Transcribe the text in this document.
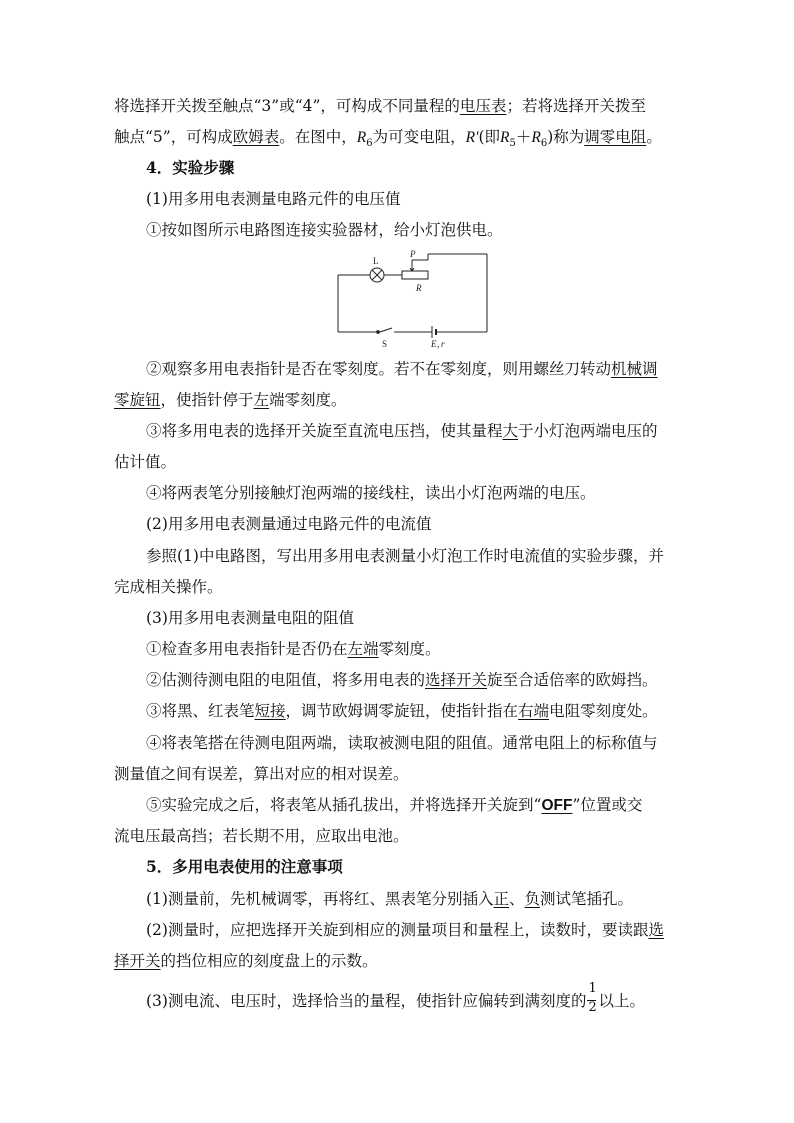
将选择开关拨至触点“3”或“4”，可构成不同量程的电压表；若将选择开关拨至
触点“5”，可构成欧姆表。在图中，$R_6$为可变电阻，R′(即$R_5+R_6$)称为调零电阻。
4．实验步骤
(1)用多用电表测量电路元件的电压值
①按如图所示电路图连接实验器材，给小灯泡供电。
L
P
R
S	E , r
②观察多用电表指针是否在零刻度。若不在零刻度，则用螺丝刀转动机械调
零旋钮，使指针停于左端零刻度。
③将多用电表的选择开关旋至直流电压挡，使其量程大于小灯泡两端电压的
估计值。
④将两表笔分别接触灯泡两端的接线柱，读出小灯泡两端的电压。
(2)用多用电表测量通过电路元件的电流值
参照(1)中电路图，写出用多用电表测量小灯泡工作时电流值的实验步骤，并
完成相关操作。
(3)用多用电表测量电阻的阻值
①检查多用电表指针是否仍在左端零刻度。
②估测待测电阻的电阻值，将多用电表的选择开关旋至合适倍率的欧姆挡。
③将黑、红表笔短接，调节欧姆调零旋钮，使指针指在右端电阻零刻度处。
④将表笔搭在待测电阻两端，读取被测电阻的阻值。通常电阻上的标称值与
测量值之间有误差，算出对应的相对误差。
⑤实验完成之后，将表笔从插孔拔出，并将选择开关旋到“OFF”位置或交
流电压最高挡；若长期不用，应取出电池。
5．多用电表使用的注意事项
(1)测量前，先机械调零，再将红、黑表笔分别插入正、负测试笔插孔。
(2)测量时，应把选择开关旋到相应的测量项目和量程上，读数时，要读跟选
择开关的挡位相应的刻度盘上的示数。
(3)测电流、电压时，选择恰当的量程，使指针应偏转到满刻度的 $\frac{1}{2}$ 以上。
